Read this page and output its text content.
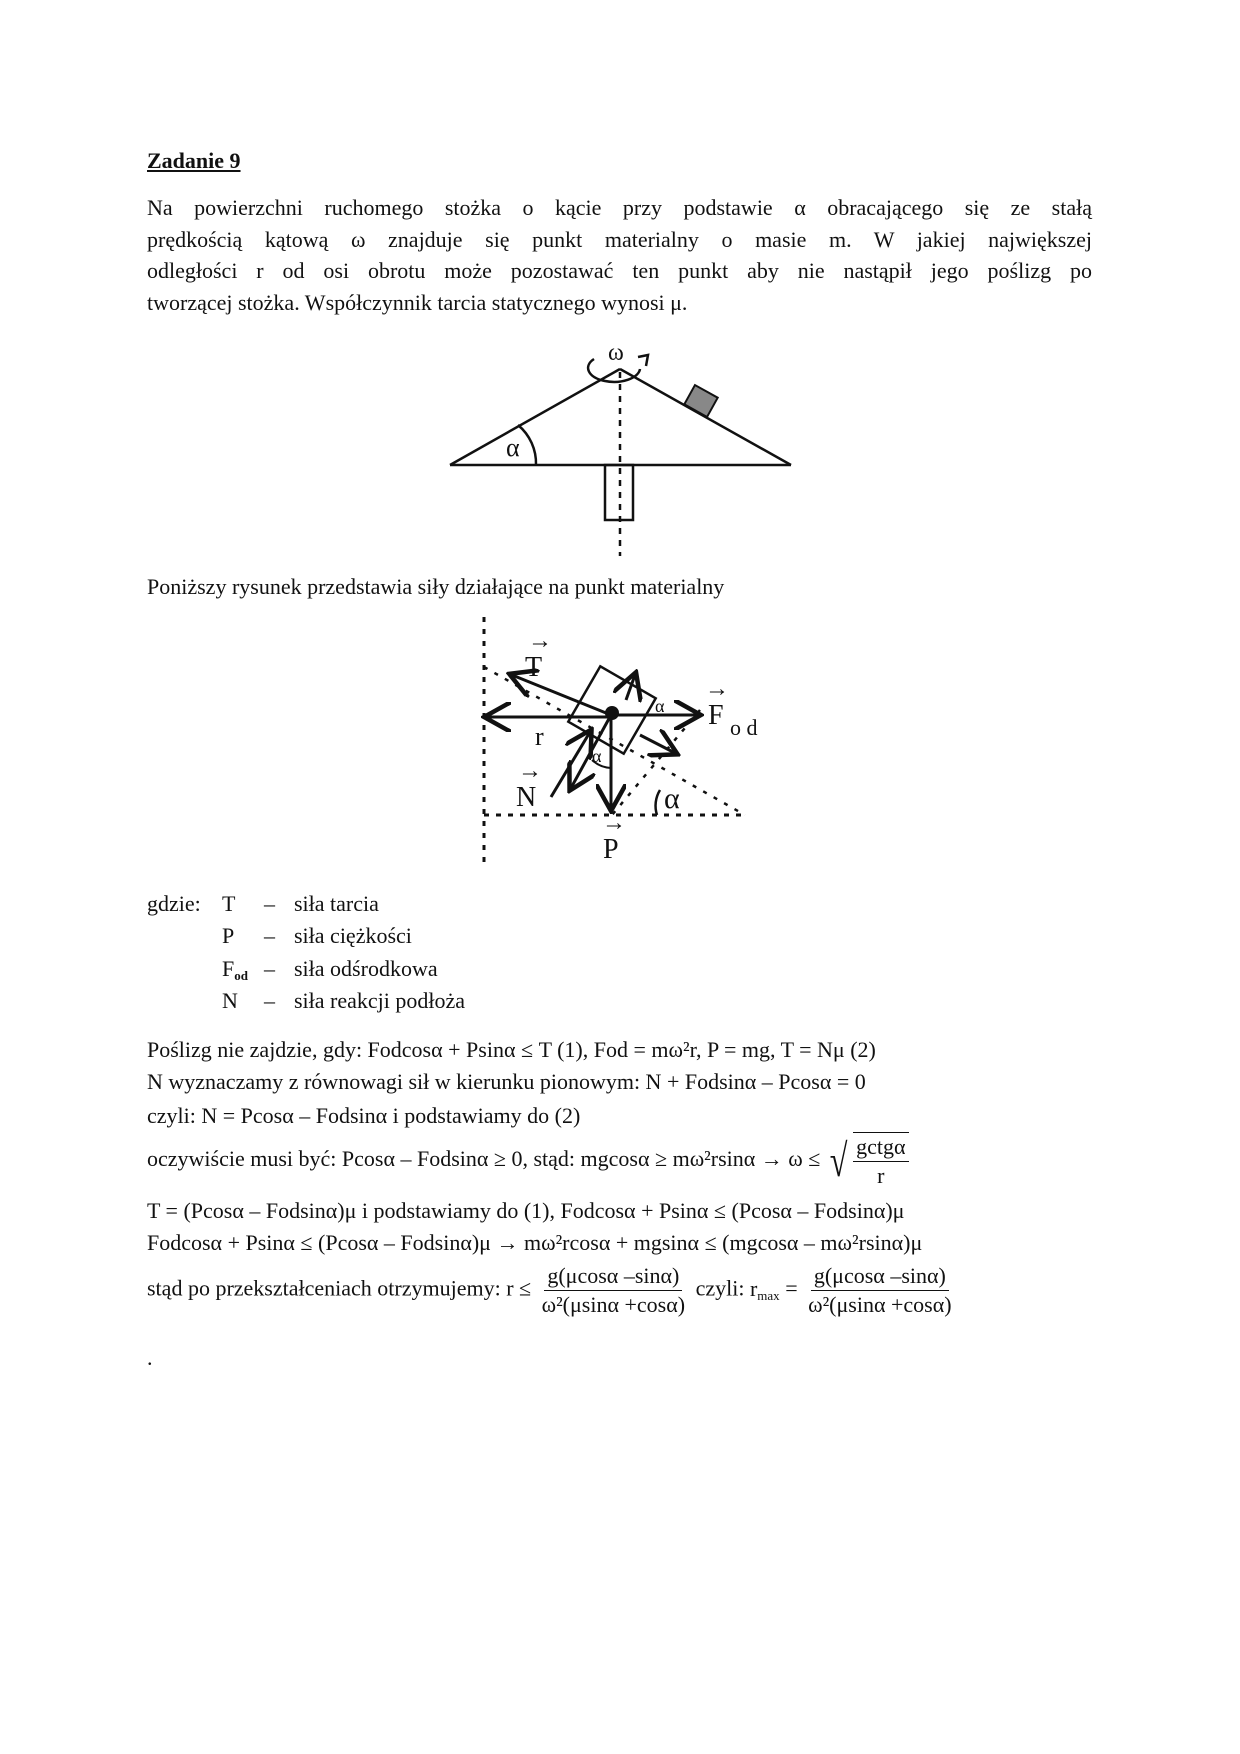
Zadanie 9
Na powierzchni ruchomego stożka o kącie przy podstawie α obracającego się ze stałą
prędkością kątową ω znajduje się punkt materialny o masie m. W jakiej największej
odległości r od osi obrotu może pozostawać ten punkt aby nie nastąpił jego poślizg po
tworzącej stożka. Współczynnik tarcia statycznego wynosi μ.
ω
α
Poniższy rysunek przedstawia siły działające na punkt materialny
T
→
F
→
o d
r
N
→
P
→
α
α
α
gdzie: T – siła tarcia
P – siła ciężkości
$F_{od}$ – siła odśrodkowa
N – siła reakcji podłoża
Poślizg nie zajdzie, gdy: Fodcosα + Psinα ≤ T (1), Fod = mω²r, P = mg, T = Nμ (2)
N wyznaczamy z równowagi sił w kierunku pionowym: N + Fodsinα – Pcosα = 0
czyli: N = Pcosα – Fodsinα i podstawiamy do (2)
oczywiście musi być: Pcosα – Fodsinα ≥ 0, stąd: mgcosα ≥ mω²rsinα → ω ≤ √ $\frac{\text{gctgα}}{r}$
T = (Pcosα – Fodsinα)μ i podstawiamy do (1), Fodcosα + Psinα ≤ (Pcosα – Fodsinα)μ
Fodcosα + Psinα ≤ (Pcosα – Fodsinα)μ → mω²rcosα + mgsinα ≤ (mgcosα – mω²rsinα)μ
stąd po przekształceniach otrzymujemy: $r \le \frac{g(\mu\cos\alpha -\sin\alpha)}{\text{ω²(μsinα +cosα)}}$ czyli: $r_{max} = \frac{g(\mu\cos\alpha -\sin\alpha)}{\text{ω²(μsinα +cosα)}}$
.
